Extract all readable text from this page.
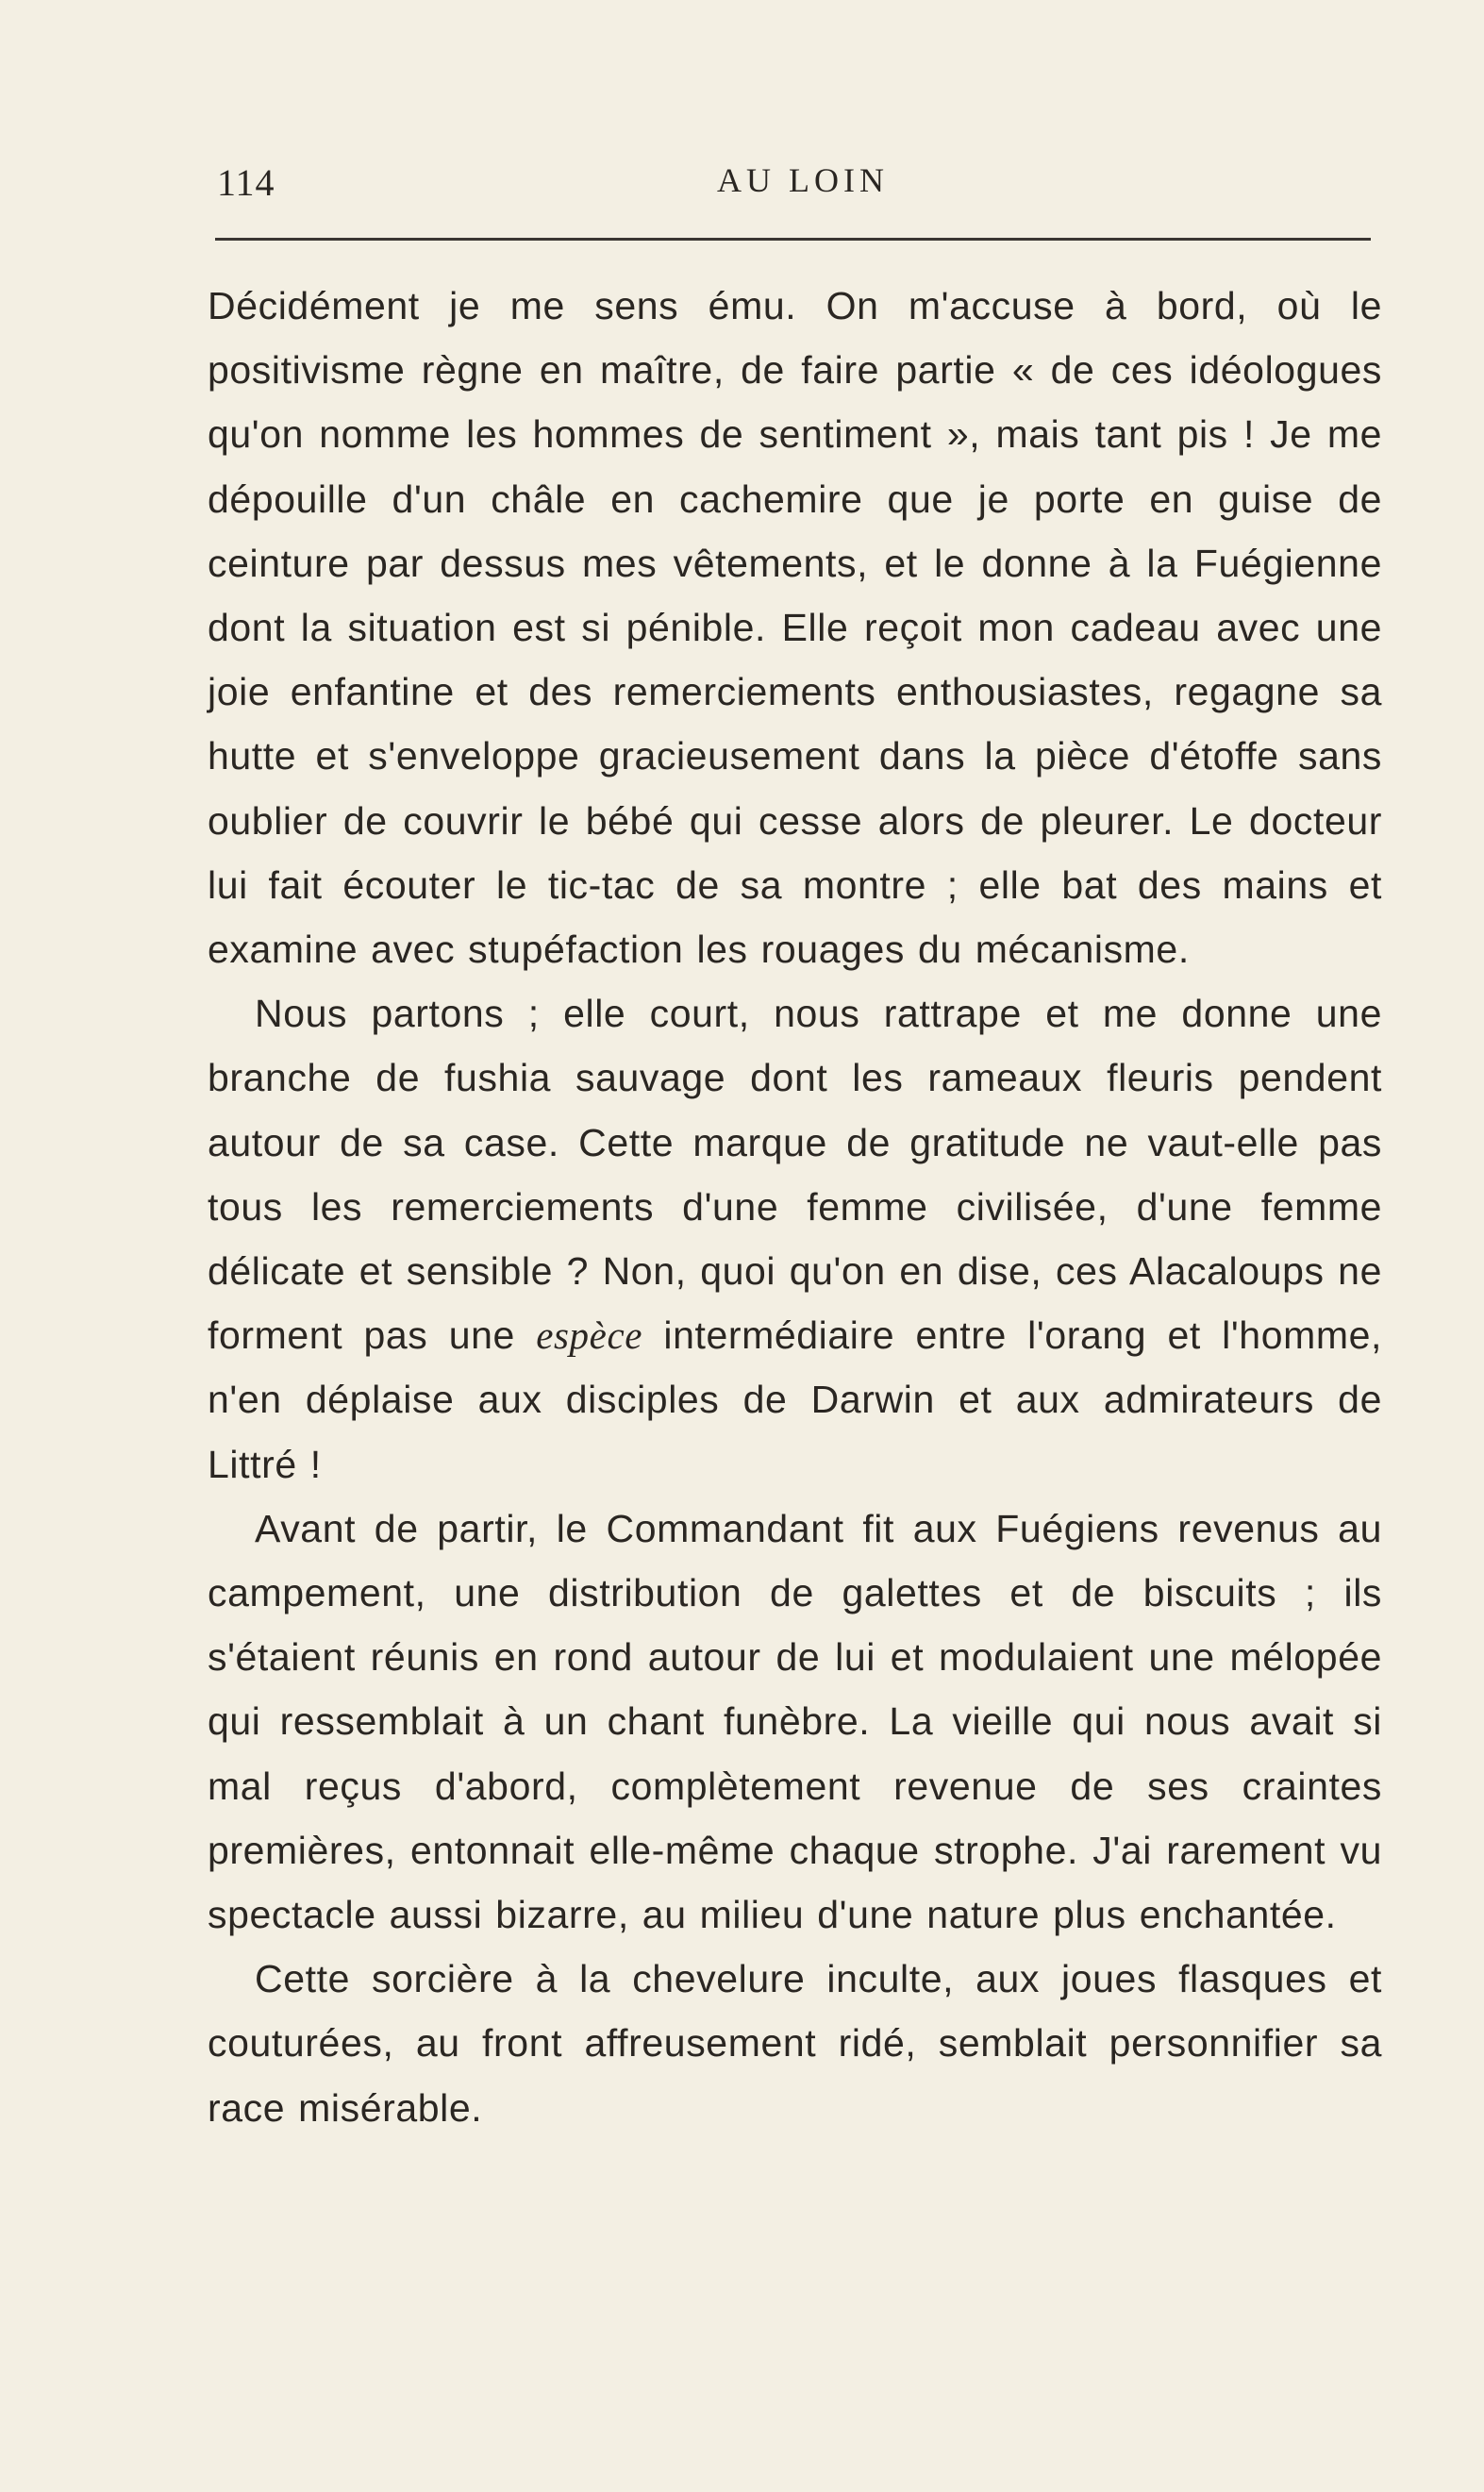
114	AU LOIN

Décidément je me sens ému. On m'accuse à bord, où le positivisme règne en maître, de faire partie « de ces idéologues qu'on nomme les hommes de sentiment », mais tant pis ! Je me dépouille d'un châle en cachemire que je porte en guise de ceinture par dessus mes vêtements, et le donne à la Fuégienne dont la situation est si pénible. Elle reçoit mon cadeau avec une joie enfantine et des remerciements enthousiastes, regagne sa hutte et s'enveloppe gracieusement dans la pièce d'étoffe sans oublier de couvrir le bébé qui cesse alors de pleurer. Le docteur lui fait écouter le tic-tac de sa montre ; elle bat des mains et examine avec stupéfaction les rouages du mécanisme.

Nous partons ; elle court, nous rattrape et me donne une branche de fushia sauvage dont les rameaux fleuris pendent autour de sa case. Cette marque de gratitude ne vaut-elle pas tous les remerciements d'une femme civilisée, d'une femme délicate et sensible ? Non, quoi qu'on en dise, ces Alacaloups ne forment pas une espèce intermédiaire entre l'orang et l'homme, n'en déplaise aux disciples de Darwin et aux admirateurs de Littré !

Avant de partir, le Commandant fit aux Fuégiens revenus au campement, une distribution de galettes et de biscuits ; ils s'étaient réunis en rond autour de lui et modulaient une mélopée qui ressemblait à un chant funèbre. La vieille qui nous avait si mal reçus d'abord, complètement revenue de ses craintes premières, entonnait elle-même chaque strophe. J'ai rarement vu spectacle aussi bizarre, au milieu d'une nature plus enchantée.

Cette sorcière à la chevelure inculte, aux joues flasques et couturées, au front affreusement ridé, semblait personnifier sa race misérable.
